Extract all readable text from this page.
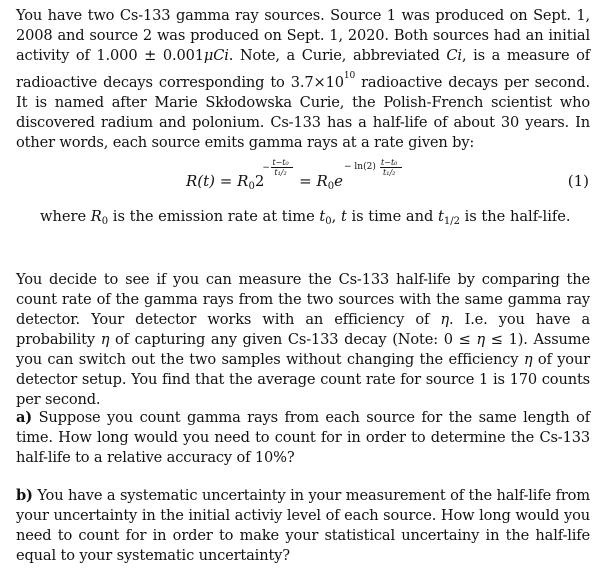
You have two Cs-133 gamma ray sources. Source 1 was produced on Sept. 1, 2008 and source 2 was produced on Sept. 1, 2020. Both sources had an initial activity of 1.000 ± 0.001μCi. Note, a Curie, abbreviated Ci, is a measure of radioactive decays corresponding to $3.7\times 10^{10}$ radioactive decays per second. It is named after Marie Skłodowska Curie, the Polish-French scientist who discovered radium and polonium. Cs-133 has a half-life of about 30 years. In other words, each source emits gamma rays at a rate given by:
$R(t) = R_02$
−
t−t₀
$t_1/_2 = R_0e$
− ln(2) t−t₀
t₁/₂	(1)
where $R_0$ is the emission rate at time $t_0$, t is time and $t_{1/2}$ is the half-life.
You decide to see if you can measure the Cs-133 half-life by comparing the count rate of the gamma rays from the two sources with the same gamma ray detector. Your detector works with an efficiency of η. I.e. you have a probability η of capturing any given Cs-133 decay (Note: 0 ≤ η ≤ 1). Assume you can switch out the two samples without changing the efficiency η of your detector setup. You find that the average count rate for source 1 is 170 counts per second.
a) Suppose you count gamma rays from each source for the same length of time. How long would you need to count for in order to determine the Cs-133 half-life to a relative accuracy of 10%?
b) You have a systematic uncertainty in your measurement of the half-life from your uncertainty in the initial activiy level of each source. How long would you need to count for in order to make your statistical uncertainy in the half-life equal to your systematic uncertainty?
